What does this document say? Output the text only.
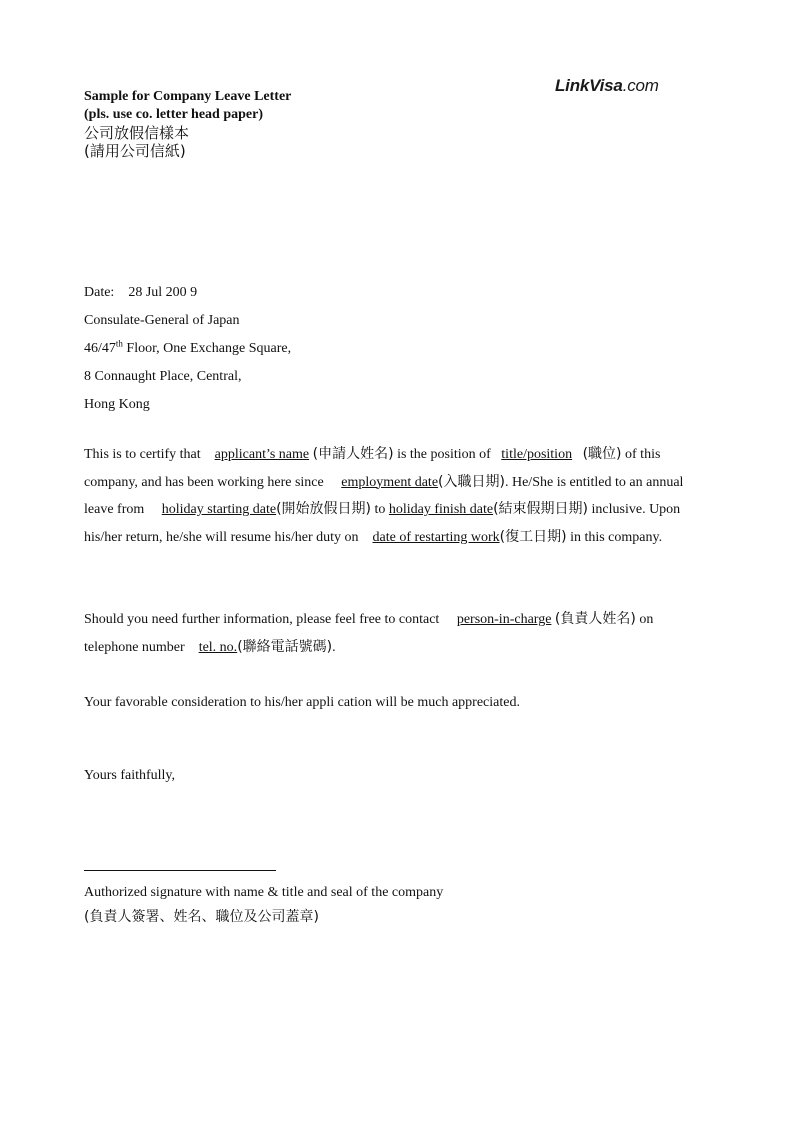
LinkVisa.com
Sample for Company Leave Letter
(pls. use co. letter head paper)
公司放假信樣本
(請用公司信紙)
Date: 28 Jul 200 9
Consulate-General of Japan
46/47th Floor, One Exchange Square,
8 Connaught Place, Central,
Hong Kong
This is to certify that applicant’s name (申請人姓名) is the position of title/position (職位) of this company, and has been working here since employment date(入職日期). He/She is entitled to an annual leave from holiday starting date(開始放假日期) to holiday finish date(結束假期日期) inclusive. Upon his/her return, he/she will resume his/her duty on date of restarting work(復工日期) in this company.
Should you need further information, please feel free to contact person-in-charge (負責人姓名) on telephone number tel. no.(聯絡電話號碼).
Your favorable consideration to his/her appli cation will be much appreciated.
Yours faithfully,
Authorized signature with name & title and seal of the company
(負責人簽署、姓名、職位及公司蓋章)
